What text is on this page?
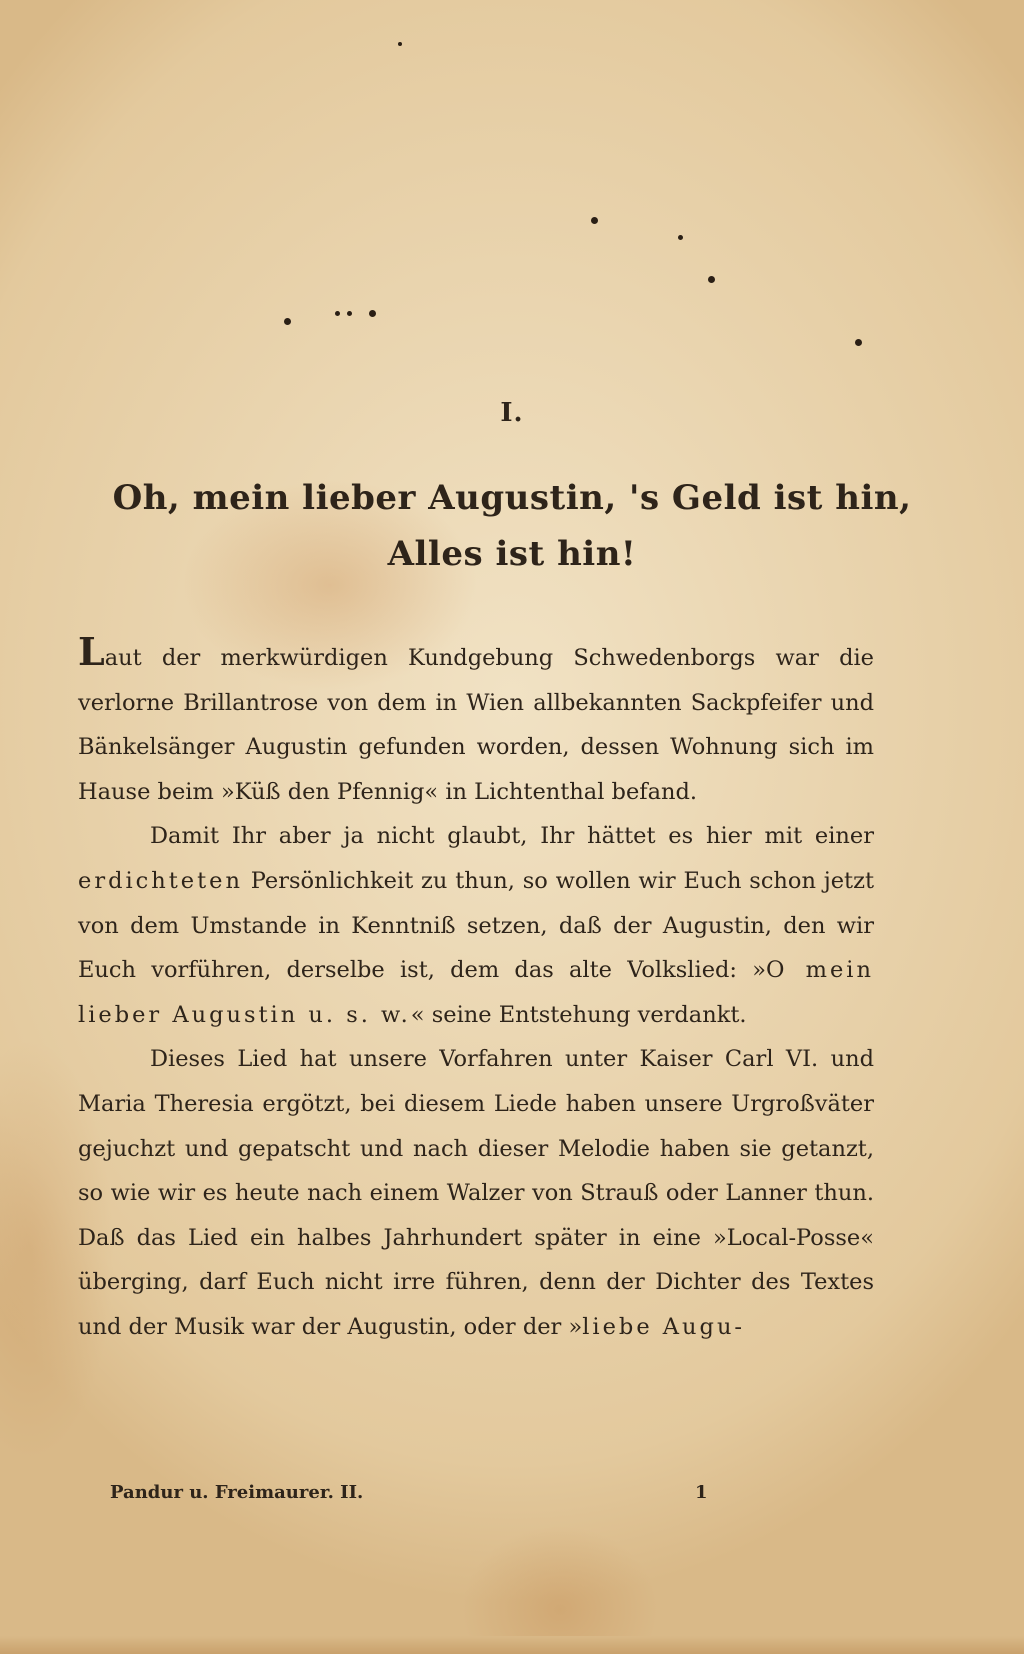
I.
Oh, mein lieber Augustin, 's Geld ist hin, Alles ist hin!

Laut der merkwürdigen Kundgebung Schwedenborgs war die verlorne Brillantrose von dem in Wien allbekannten Sackpfeifer und Bänkelsänger Augustin gefunden worden, dessen Wohnung sich im Hause beim »Küß den Pfennig« in Lichtenthal befand.

Damit Ihr aber ja nicht glaubt, Ihr hättet es hier mit einer erdichteten Persönlichkeit zu thun, so wollen wir Euch schon jetzt von dem Umstande in Kenntniß setzen, daß der Augustin, den wir Euch vorführen, derselbe ist, dem das alte Volkslied: »O mein lieber Augustin u. s. w.« seine Entstehung verdankt.

Dieses Lied hat unsere Vorfahren unter Kaiser Carl VI. und Maria Theresia ergötzt, bei diesem Liede haben unsere Urgroßväter gejuchzt und gepatscht und nach dieser Melodie haben sie getanzt, so wie wir es heute nach einem Walzer von Strauß oder Lanner thun. Daß das Lied ein halbes Jahrhundert später in eine »Local-Posse« überging, darf Euch nicht irre führen, denn der Dichter des Textes und der Musik war der Augustin, oder der »liebe Augu-

Pandur u. Freimaurer. II.	1
